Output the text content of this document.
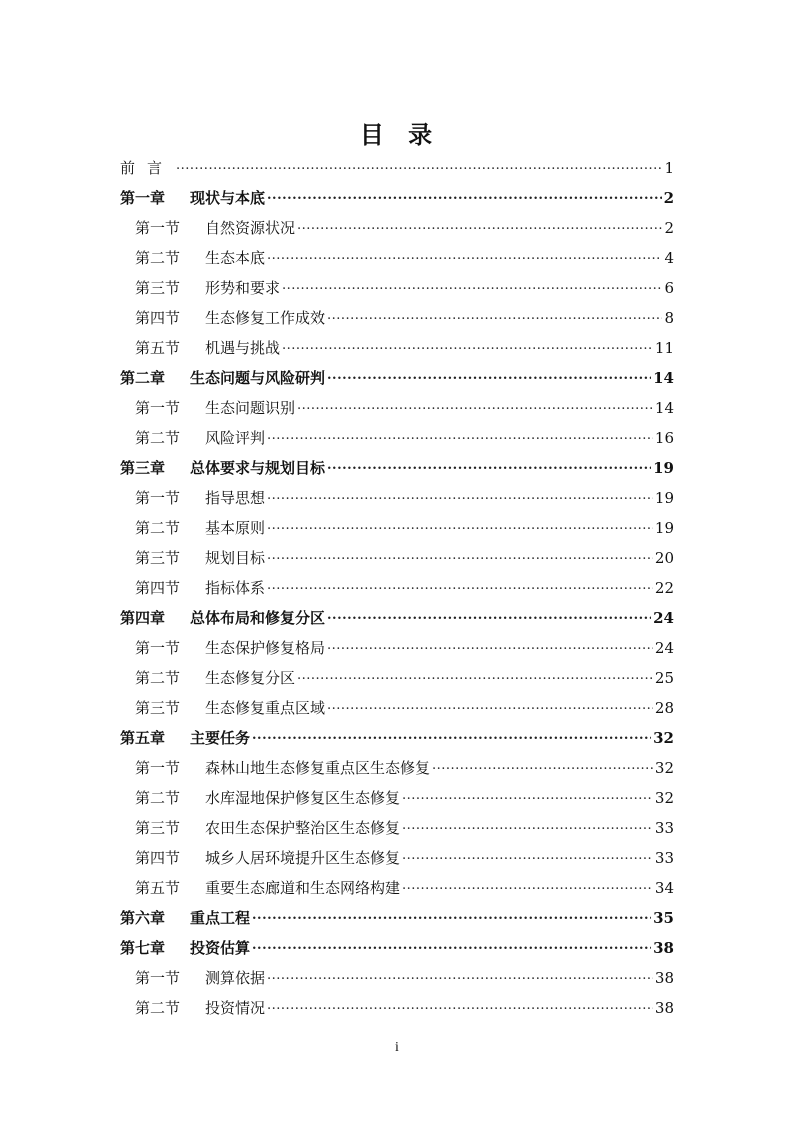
目 录
前言 .....	1
第一章	现状与本底 .....	2
第一节	自然资源状况 .....	2
第二节	生态本底 .....	4
第三节	形势和要求 .....	6
第四节	生态修复工作成效 .....	8
第五节	机遇与挑战 .....	11
第二章	生态问题与风险研判 .....	14
第一节	生态问题识别 .....	14
第二节	风险评判 .....	16
第三章	总体要求与规划目标 .....	19
第一节	指导思想 .....	19
第二节	基本原则 .....	19
第三节	规划目标 .....	20
第四节	指标体系 .....	22
第四章	总体布局和修复分区 .....	24
第一节	生态保护修复格局 .....	24
第二节	生态修复分区 .....	25
第三节	生态修复重点区域 .....	28
第五章	主要任务 .....	32
第一节	森林山地生态修复重点区生态修复 .....	32
第二节	水库湿地保护修复区生态修复 .....	32
第三节	农田生态保护整治区生态修复 .....	33
第四节	城乡人居环境提升区生态修复 .....	33
第五节	重要生态廊道和生态网络构建 .....	34
第六章	重点工程 .....	35
第七章	投资估算 .....	38
第一节	测算依据 .....	38
第二节	投资情况 .....	38
i
